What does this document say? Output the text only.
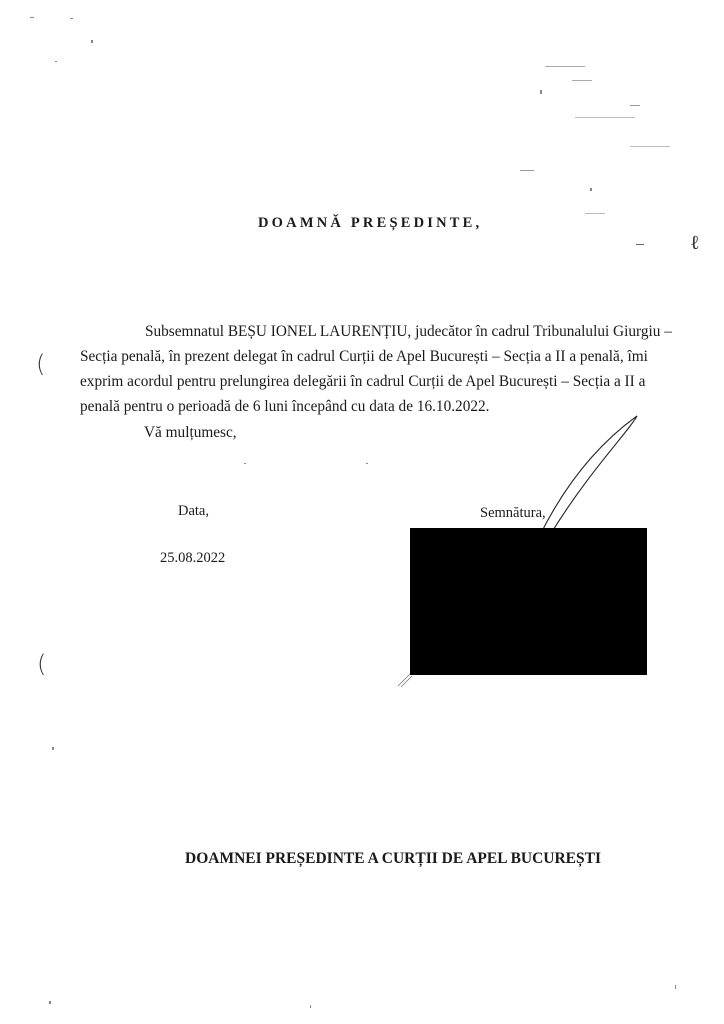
(
(
ℓ
DOAMNĂ PREȘEDINTE,
Subsemnatul BEȘU IONEL LAURENȚIU, judecător în cadrul Tribunalului Giurgiu –
Secția penală, în prezent delegat în cadrul Curții de Apel București – Secția a II a penală, îmi
exprim acordul pentru prelungirea delegării în cadrul Curții de Apel București – Secția a II a
penală pentru o perioadă de 6 luni începând cu data de 16.10.2022.
Vă mulțumesc,
Data,
25.08.2022
Semnătura,
DOAMNEI PREȘEDINTE A CURȚII DE APEL BUCUREȘTI
